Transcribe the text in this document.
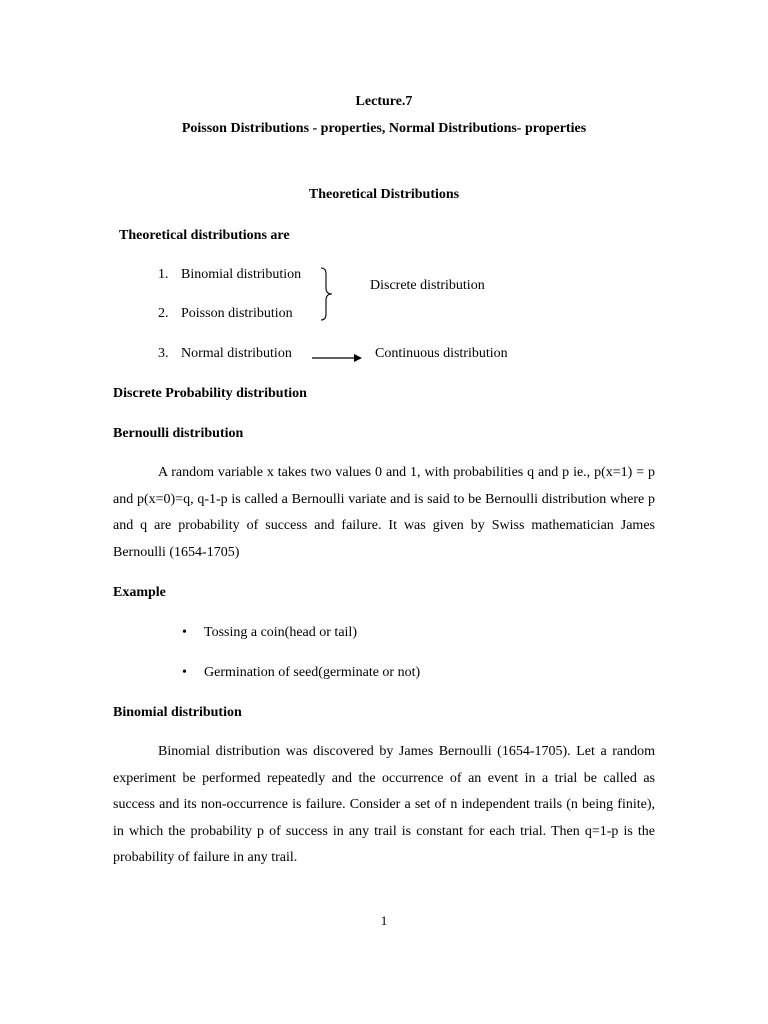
Lecture.7
Poisson Distributions - properties, Normal Distributions- properties
Theoretical Distributions
Theoretical distributions are
1. Binomial distribution
2. Poisson distribution
3. Normal distribution
Discrete distribution
Continuous distribution
Discrete Probability distribution
Bernoulli distribution
A random variable x takes two values 0 and 1, with probabilities q and p ie., p(x=1) = p and p(x=0)=q, q-1-p is called a Bernoulli variate and is said to be Bernoulli distribution where p and q are probability of success and failure. It was given by Swiss mathematician James Bernoulli (1654-1705)
Example
• Tossing a coin(head or tail)
• Germination of seed(germinate or not)
Binomial distribution
Binomial distribution was discovered by James Bernoulli (1654-1705). Let a random experiment be performed repeatedly and the occurrence of an event in a trial be called as success and its non-occurrence is failure. Consider a set of n independent trails (n being finite), in which the probability p of success in any trail is constant for each trial. Then q=1-p is the probability of failure in any trail.
1
